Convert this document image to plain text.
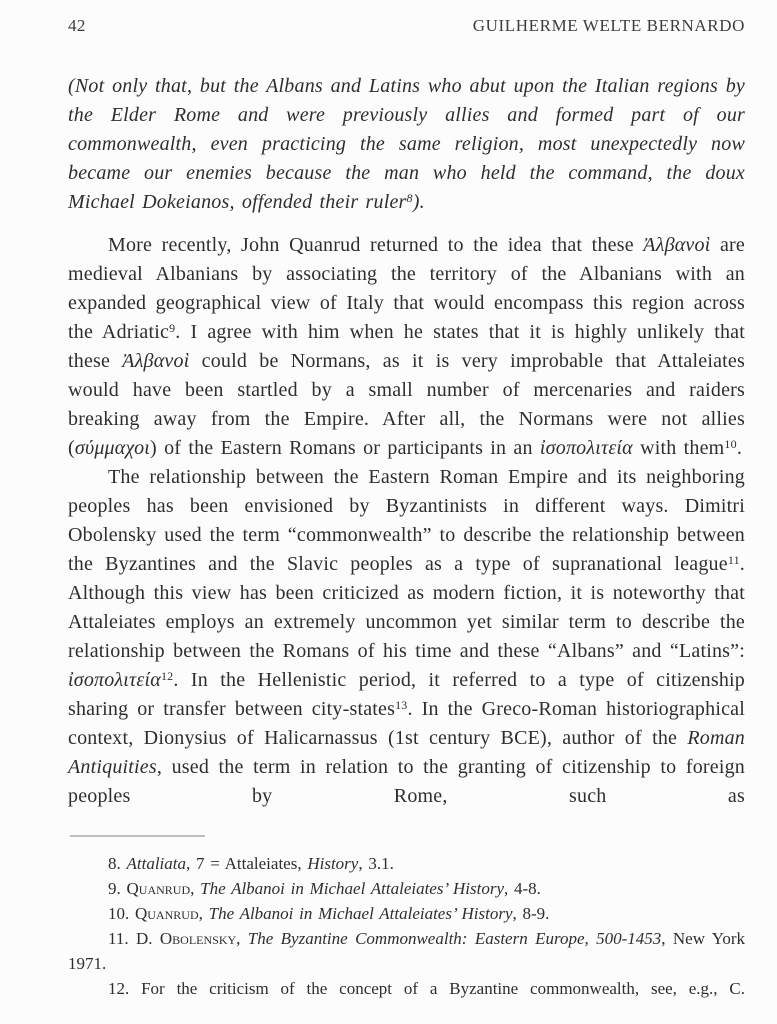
42	GUILHERME WELTE BERNARDO

(Not only that, but the Albans and Latins who abut upon the Italian regions by the Elder Rome and were previously allies and formed part of our commonwealth, even practicing the same religion, most unexpectedly now became our enemies because the man who held the command, the doux Michael Dokeianos, offended their ruler$^8$).

More recently, John Quanrud returned to the idea that these Ἀλβανοὶ are medieval Albanians by associating the territory of the Albanians with an expanded geographical view of Italy that would encompass this region across the Adriatic$^9$. I agree with him when he states that it is highly unlikely that these Ἀλβανοὶ could be Normans, as it is very improbable that Attaleiates would have been startled by a small number of mercenaries and raiders breaking away from the Empire. After all, the Normans were not allies (σύμμαχοι) of the Eastern Romans or participants in an ἰσοπολιτεία with them$^{10}$.

The relationship between the Eastern Roman Empire and its neighboring peoples has been envisioned by Byzantinists in different ways. Dimitri Obolensky used the term “commonwealth” to describe the relationship between the Byzantines and the Slavic peoples as a type of supranational league$^{11}$. Although this view has been criticized as modern fiction, it is noteworthy that Attaleiates employs an extremely uncommon yet similar term to describe the relationship between the Romans of his time and these “Albans” and “Latins”: ἰσοπολιτεία$^{12}$. In the Hellenistic period, it referred to a type of citizenship sharing or transfer between city-states$^{13}$. In the Greco-Roman historiographical context, Dionysius of Halicarnassus (1st century BCE), author of the Roman Antiquities, used the term in relation to the granting of citizenship to foreign peoples by Rome, such as

8. Attaliata, 7 = Attaleiates, History, 3.1.

9. Quanrud, The Albanoi in Michael Attaleiates’ History, 4-8.

10. Quanrud, The Albanoi in Michael Attaleiates’ History, 8-9.

11. D. Obolensky, The Byzantine Commonwealth: Eastern Europe, 500-1453, New York 1971.

12. For the criticism of the concept of a Byzantine commonwealth, see, e.g., C.
